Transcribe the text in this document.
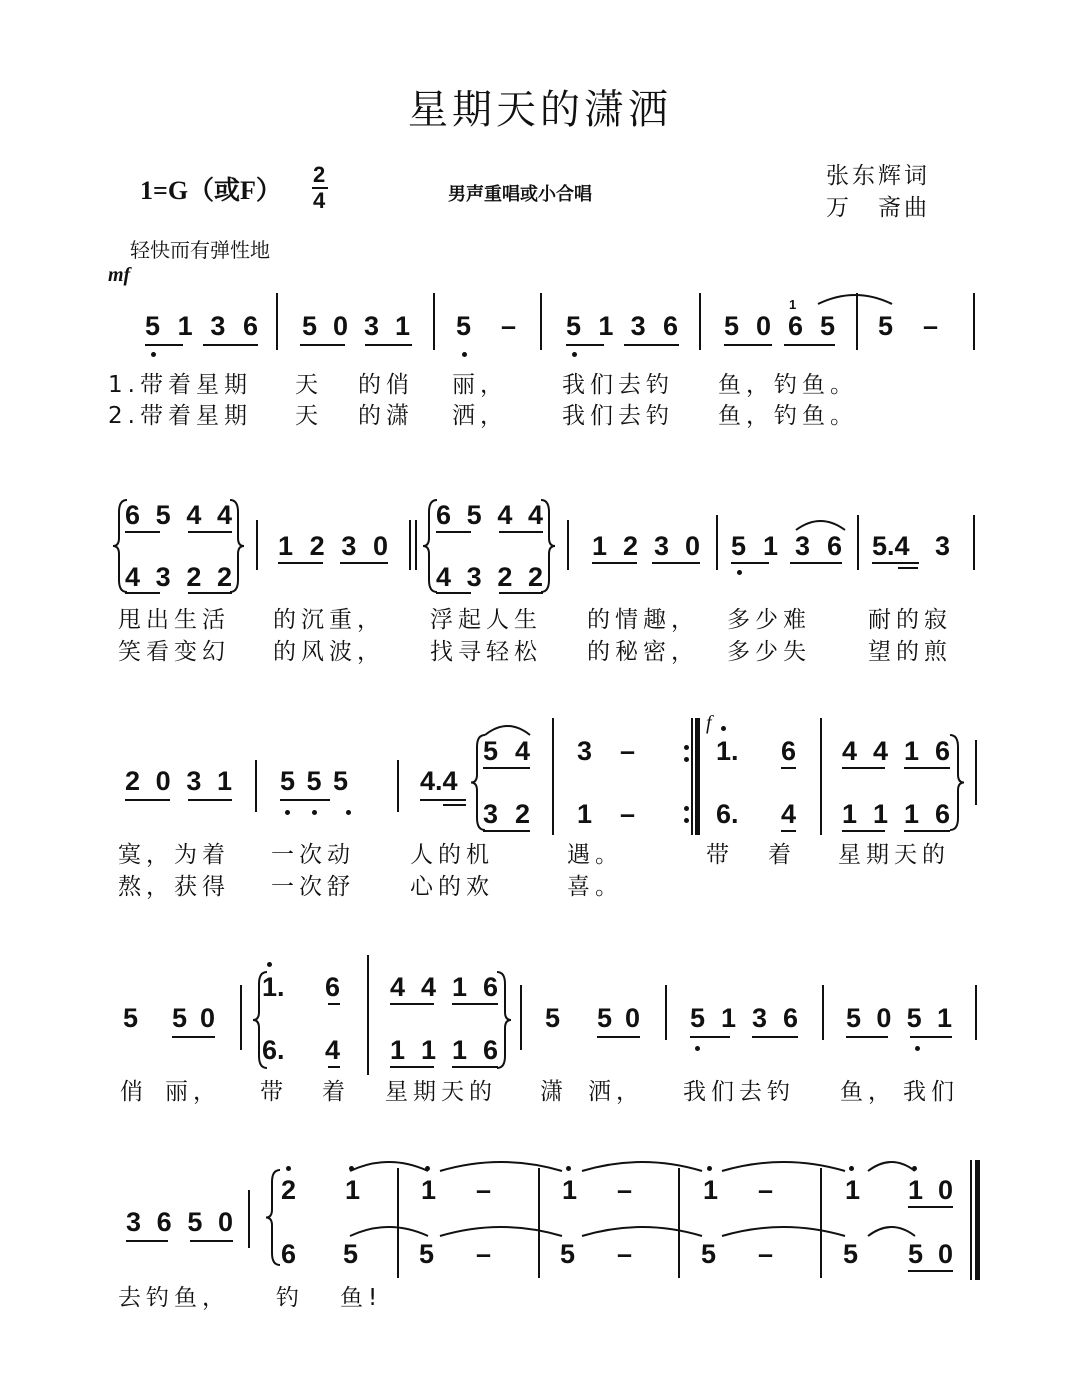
星期天的潇洒
1=G（或F）
2
4	男声重唱或小合唱
张东辉词
万　斋曲
轻快而有弹性地
mf
5 1 3 6 5 0 3 1 5 – 5 1 3 6 5 0 6 5
1
5 –
1.带着星期 天 的俏 丽， 我们去钓 鱼，钓鱼。
2.带着星期 天 的潇 洒， 我们去钓 鱼，钓鱼。
6 5 4 4
4 3 2 2
1 2 3 0
6 5 4 4
4 3 2 2
1 2 3 0 5 1 3 6 5.4 3
甩出生活 的沉重， 浮起人生 的情趣， 多少难 耐的寂
笑看变幻 的风波， 找寻轻松 的秘密， 多少失 望的煎
2 0 3 1 5 5 5	4.4
5 4
3 2
3 –
1 –
f
1. 6
6. 4
4 4 1 6
1 1 1 6
寞，为着 一次动 人的机	遇。	带 着 星期天的
熬，获得 一次舒 心的欢	喜。
5 5 0
1. 6
6. 4
4 4 1 6
1 1 1 6
5 5 0 5 1 3 6 5 0 5 1
俏 丽， 带 着 星期天的 潇 洒， 我们去钓 鱼， 我们
3 6 5 0
2
6
1
5
1 –
5 –
1 –
5 –
1 –
5 –
1 1 0
5 5 0
去钓鱼， 钓 鱼!
